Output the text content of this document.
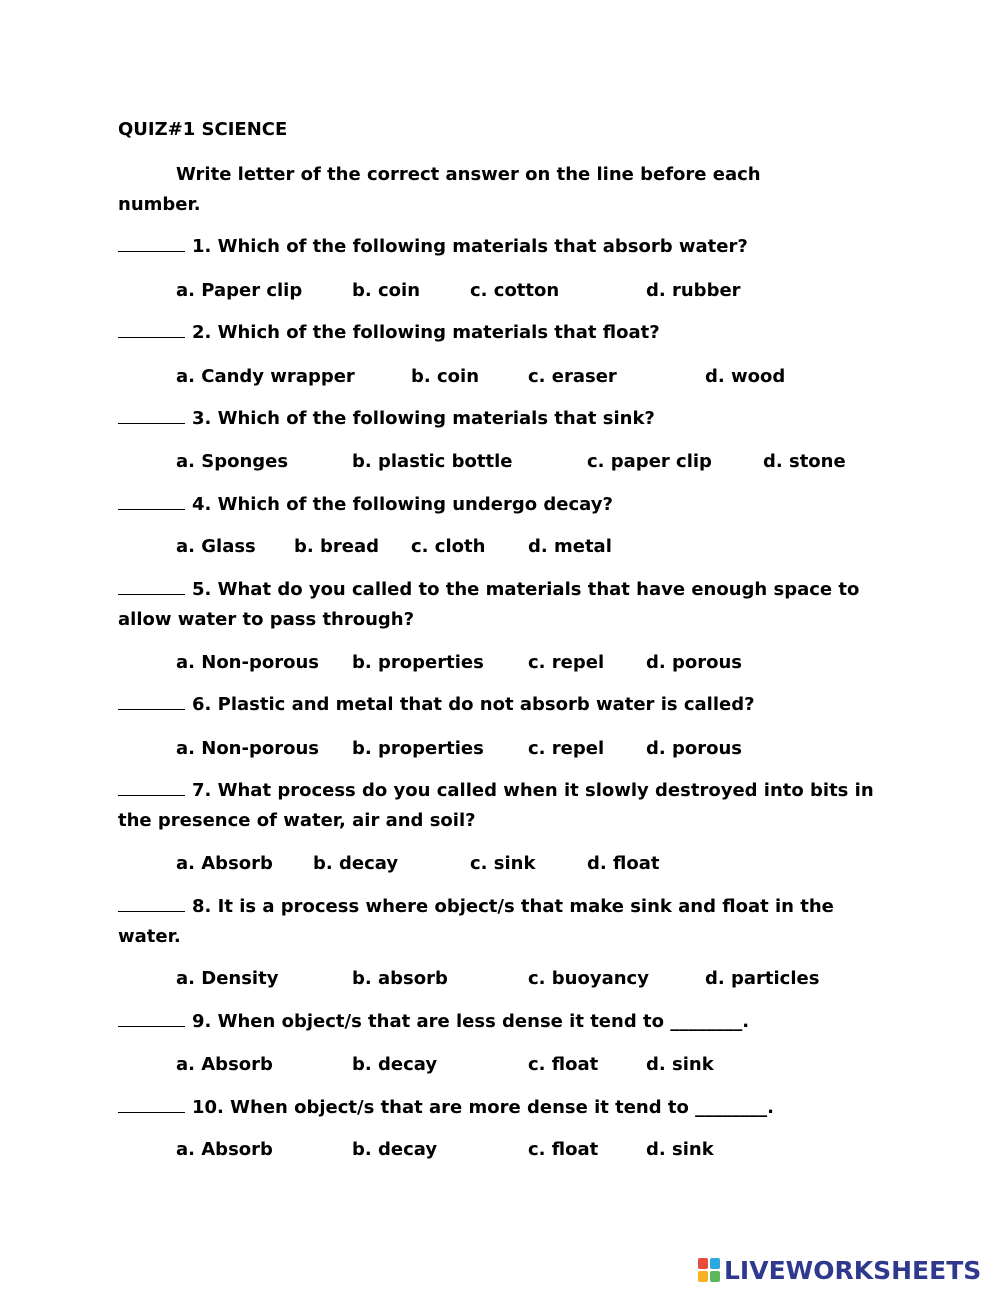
QUIZ#1 SCIENCE
Write letter of the correct answer on the line before each number.
1. Which of the following materials that absorb water?
a. Paper clip	b. coin	c. cotton	d. rubber
2. Which of the following materials that float?
a. Candy wrapper	b. coin	c. eraser	d. wood
3. Which of the following materials that sink?
a. Sponges	b. plastic bottle	c. paper clip	d. stone
4. Which of the following undergo decay?
a. Glass b. bread c. cloth d. metal
5. What do you called to the materials that have enough space to allow water to pass through?
a. Non-porous b. properties c. repel d. porous
6. Plastic and metal that do not absorb water is called?
a. Non-porous b. properties c. repel d. porous
7. What process do you called when it slowly destroyed into bits in the presence of water, air and soil?
a. Absorb b. decay	c. sink	d. float
8. It is a process where object/s that make sink and float in the water.
a. Density	b. absorb	c. buoyancy	d. particles
9. When object/s that are less dense it tend to ________.
a. Absorb	b. decay	c. float	d. sink
10. When object/s that are more dense it tend to ________.
a. Absorb	b. decay	c. float	d. sink
LIVEWORKSHEETS
